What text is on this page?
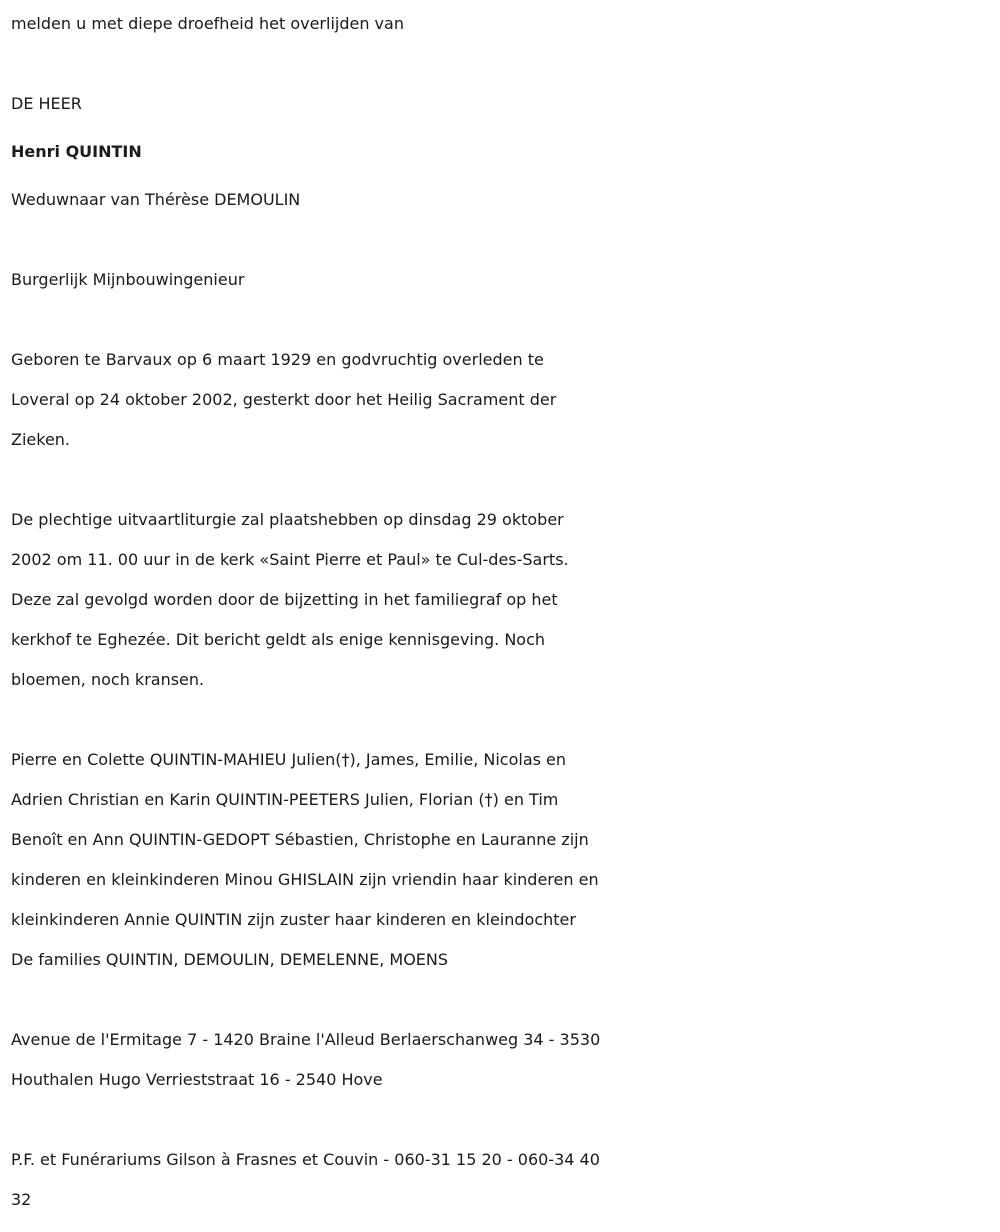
melden u met diepe droefheid het overlijden van

DE HEER

Henri QUINTIN

Weduwnaar van Thérèse DEMOULIN

Burgerlijk Mijnbouwingenieur

Geboren te Barvaux op 6 maart 1929 en godvruchtig overleden te

Loveral op 24 oktober 2002, gesterkt door het Heilig Sacrament der

Zieken.

De plechtige uitvaartliturgie zal plaatshebben op dinsdag 29 oktober

2002 om 11. 00 uur in de kerk «Saint Pierre et Paul» te Cul-des-Sarts.

Deze zal gevolgd worden door de bijzetting in het familiegraf op het

kerkhof te Eghezée. Dit bericht geldt als enige kennisgeving. Noch

bloemen, noch kransen.

Pierre en Colette QUINTIN-MAHIEU Julien(†), James, Emilie, Nicolas en

Adrien Christian en Karin QUINTIN-PEETERS Julien, Florian (†) en Tim

Benoît en Ann QUINTIN-GEDOPT Sébastien, Christophe en Lauranne zijn

kinderen en kleinkinderen Minou GHISLAIN zijn vriendin haar kinderen en

kleinkinderen Annie QUINTIN zijn zuster haar kinderen en kleindochter

De families QUINTIN, DEMOULIN, DEMELENNE, MOENS

Avenue de l'Ermitage 7 - 1420 Braine l'Alleud Berlaerschanweg 34 - 3530

Houthalen Hugo Verrieststraat 16 - 2540 Hove

P.F. et Funérariums Gilson à Frasnes et Couvin - 060-31 15 20 - 060-34 40

32
